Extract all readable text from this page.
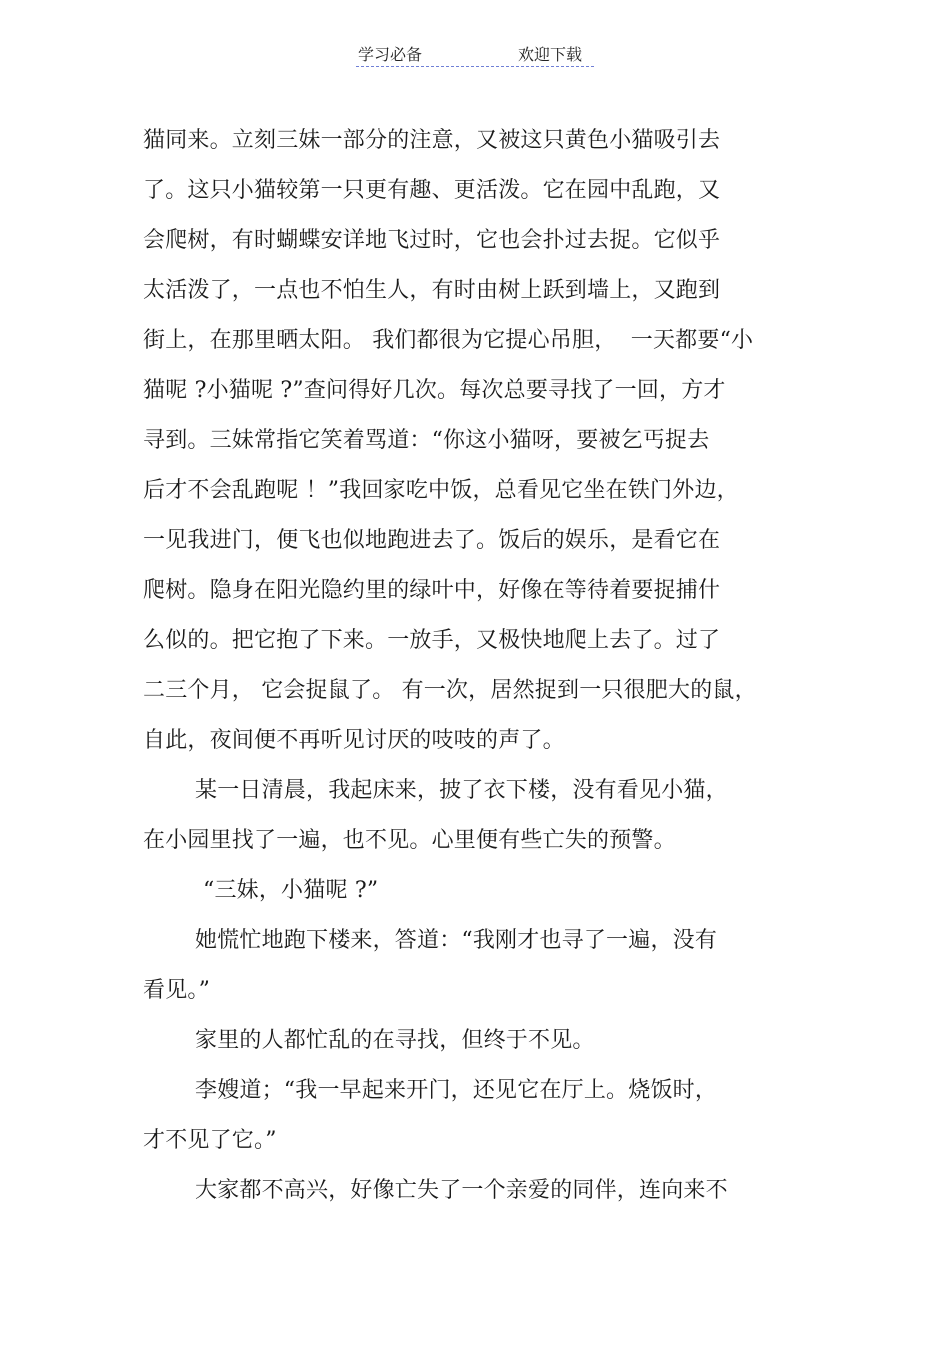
学习必备	欢迎下载
猫同来。立刻三妹一部分的注意，又被这只黄色小猫吸引去
了。这只小猫较第一只更有趣、更活泼。它在园中乱跑，又
会爬树，有时蝴蝶安详地飞过时，它也会扑过去捉。它似乎
太活泼了，一点也不怕生人，有时由树上跃到墙上，又跑到
街上，在那里晒太阳。 我们都很为它提心吊胆，  一天都要“小
猫呢 ?小猫呢 ?”查问得好几次。每次总要寻找了一回，方才
寻到。三妹常指它笑着骂道：“你这小猫呀，要被乞丐捉去
后才不会乱跑呢 ！”我回家吃中饭，总看见它坐在铁门外边，
一见我进门，便飞也似地跑进去了。饭后的娱乐，是看它在
爬树。隐身在阳光隐约里的绿叶中，好像在等待着要捉捕什
么似的。把它抱了下来。一放手，又极快地爬上去了。过了
二三个月， 它会捉鼠了。 有一次，居然捉到一只很肥大的鼠，
自此，夜间便不再听见讨厌的吱吱的声了。
某一日清晨，我起床来，披了衣下楼，没有看见小猫，
在小园里找了一遍，也不见。心里便有些亡失的预警。
“三妹，小猫呢 ?”
她慌忙地跑下楼来，答道：“我刚才也寻了一遍，没有
看见。”
家里的人都忙乱的在寻找，但终于不见。
李嫂道；“我一早起来开门，还见它在厅上。烧饭时，
才不见了它。”
大家都不高兴，好像亡失了一个亲爱的同伴，连向来不
